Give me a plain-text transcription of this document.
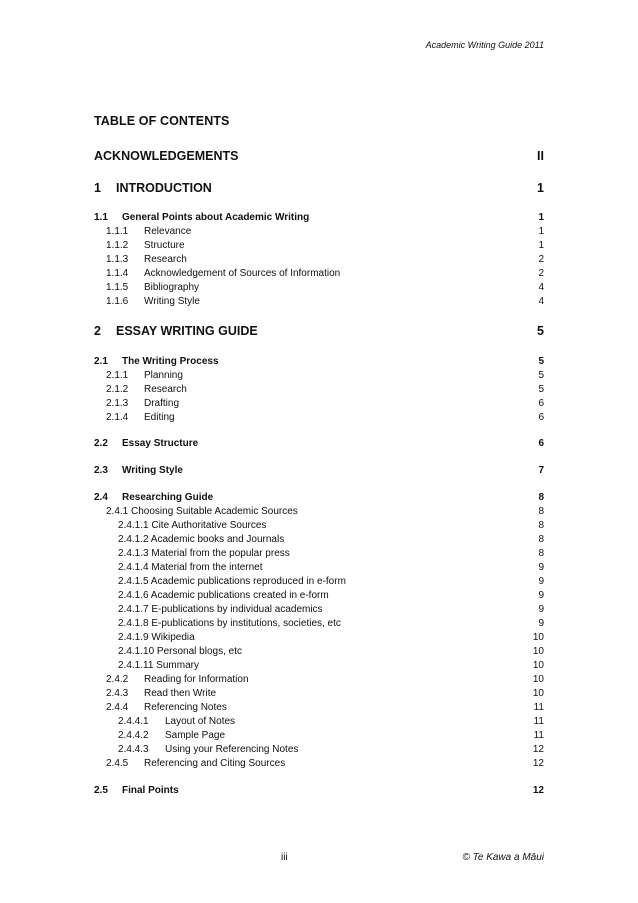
Academic Writing Guide 2011
TABLE OF CONTENTS
ACKNOWLEDGEMENTS	II
1 INTRODUCTION	1
1.1 General Points about Academic Writing	1
1.1.1 Relevance	1
1.1.2 Structure	1
1.1.3 Research	2
1.1.4 Acknowledgement of Sources of Information	2
1.1.5 Bibliography	4
1.1.6 Writing Style	4
2 ESSAY WRITING GUIDE	5
2.1 The Writing Process	5
2.1.1 Planning	5
2.1.2 Research	5
2.1.3 Drafting	6
2.1.4 Editing	6
2.2 Essay Structure	6
2.3 Writing Style	7
2.4 Researching Guide	8
2.4.1 Choosing Suitable Academic Sources	8
2.4.1.1 Cite Authoritative Sources	8
2.4.1.2 Academic books and Journals	8
2.4.1.3 Material from the popular press	8
2.4.1.4 Material from the internet	9
2.4.1.5 Academic publications reproduced in e-form	9
2.4.1.6 Academic publications created in e-form	9
2.4.1.7 E-publications by individual academics	9
2.4.1.8 E-publications by institutions, societies, etc	9
2.4.1.9 Wikipedia	10
2.4.1.10 Personal blogs, etc	10
2.4.1.11 Summary	10
2.4.2 Reading for Information	10
2.4.3 Read then Write	10
2.4.4 Referencing Notes	11
2.4.4.1 Layout of Notes	11
2.4.4.2 Sample Page	11
2.4.4.3 Using your Referencing Notes	12
2.4.5 Referencing and Citing Sources	12
2.5 Final Points	12
iii	© Te Kawa a Māui
